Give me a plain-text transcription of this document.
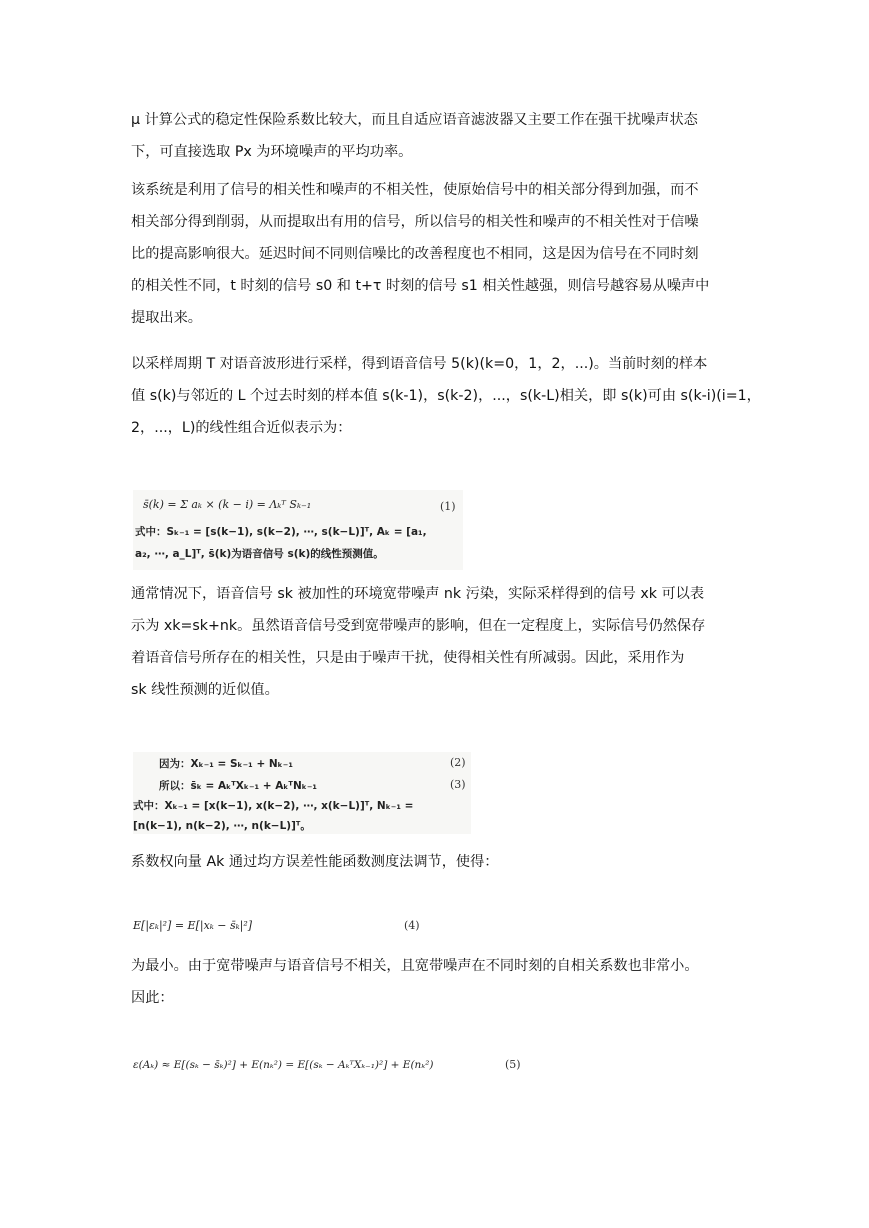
μ 计算公式的稳定性保险系数比较大，而且自适应语音滤波器又主要工作在强干扰噪声状态
下，可直接选取 Px 为环境噪声的平均功率。
该系统是利用了信号的相关性和噪声的不相关性，使原始信号中的相关部分得到加强，而不
相关部分得到削弱，从而提取出有用的信号，所以信号的相关性和噪声的不相关性对于信噪
比的提高影响很大。延迟时间不同则信噪比的改善程度也不相同，这是因为信号在不同时刻
的相关性不同，t 时刻的信号 s0 和 t+τ 时刻的信号 s1 相关性越强，则信号越容易从噪声中
提取出来。
以采样周期 T 对语音波形进行采样，得到语音信号 5(k)(k=0，1，2，...)。当前时刻的样本
值 s(k)与邻近的 L 个过去时刻的样本值 s(k-1)，s(k-2)，...，s(k-L)相关，即 s(k)可由 s(k-i)(i=1，
2，...，L)的线性组合近似表示为：
s̄(k) = Σ aₖ × (k − i) = Λₖᵀ Sₖ₋₁	(1)
式中：Sₖ₋₁ = [s(k−1), s(k−2), ⋯, s(k−L)]ᵀ, Aₖ = [a₁,
a₂, ⋯, a_L]ᵀ, s̄(k)为语音信号 s(k)的线性预测值。
通常情况下，语音信号 sk 被加性的环境宽带噪声 nk 污染，实际采样得到的信号 xk 可以表
示为 xk=sk+nk。虽然语音信号受到宽带噪声的影响，但在一定程度上，实际信号仍然保存
着语音信号所存在的相关性，只是由于噪声干扰，使得相关性有所减弱。因此，采用作为
sk 线性预测的近似值。
因为：Xₖ₋₁ = Sₖ₋₁ + Nₖ₋₁	(2)
所以：s̄ₖ = AₖᵀXₖ₋₁ + AₖᵀNₖ₋₁	(3)
式中：Xₖ₋₁ = [x(k−1), x(k−2), ⋯, x(k−L)]ᵀ, Nₖ₋₁ =
[n(k−1), n(k−2), ⋯, n(k−L)]ᵀ。
系数权向量 Ak 通过均方误差性能函数测度法调节，使得：
E[|εₖ|²] = E[|xₖ − s̄ₖ|²]	(4)
为最小。由于宽带噪声与语音信号不相关，且宽带噪声在不同时刻的自相关系数也非常小。
因此：
ε(Aₖ) ≈ E[(sₖ − s̄ₖ)²] + E(nₖ²) = E[(sₖ − AₖᵀXₖ₋₁)²] + E(nₖ²)	(5)
